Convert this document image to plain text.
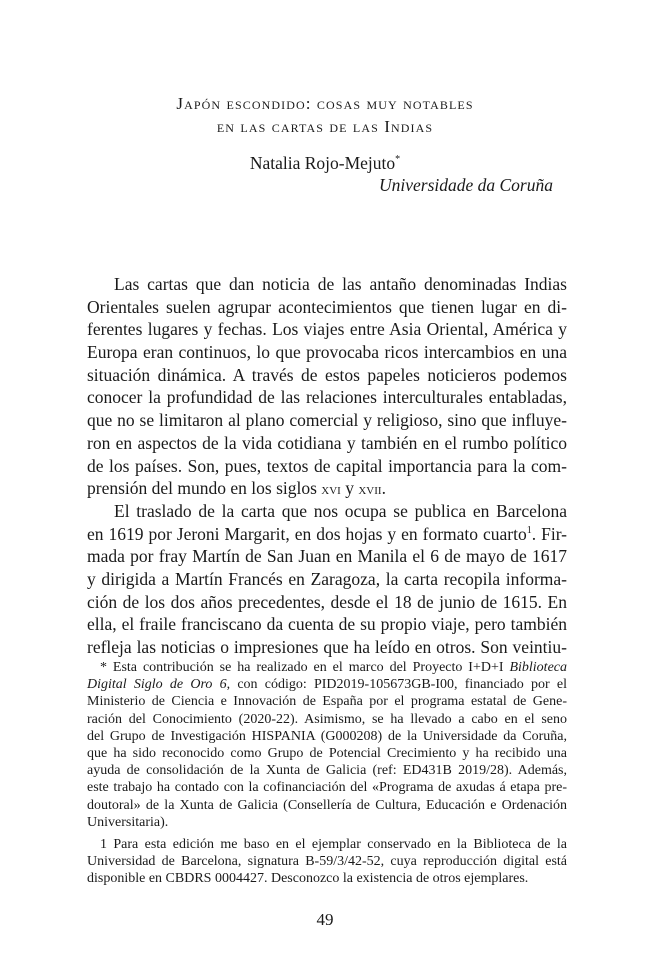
Japón escondido: cosas muy notables
en las cartas de las Indias
Natalia Rojo-Mejuto*
Universidade da Coruña
Las cartas que dan noticia de las antaño denominadas Indias
Orientales suelen agrupar acontecimientos que tienen lugar en di-
ferentes lugares y fechas. Los viajes entre Asia Oriental, América y
Europa eran continuos, lo que provocaba ricos intercambios en una
situación dinámica. A través de estos papeles noticieros podemos
conocer la profundidad de las relaciones interculturales entabladas,
que no se limitaron al plano comercial y religioso, sino que influye-
ron en aspectos de la vida cotidiana y también en el rumbo político
de los países. Son, pues, textos de capital importancia para la com-
prensión del mundo en los siglos xvi y xvii.
El traslado de la carta que nos ocupa se publica en Barcelona
en 1619 por Jeroni Margarit, en dos hojas y en formato cuarto$^1$. Fir-
mada por fray Martín de San Juan en Manila el 6 de mayo de 1617
y dirigida a Martín Francés en Zaragoza, la carta recopila informa-
ción de los dos años precedentes, desde el 18 de junio de 1615. En
ella, el fraile franciscano da cuenta de su propio viaje, pero también
refleja las noticias o impresiones que ha leído en otros. Son veintiu-
* Esta contribución se ha realizado en el marco del Proyecto I+D+I Biblioteca
Digital Siglo de Oro 6, con código: PID2019-105673GB-I00, financiado por el
Ministerio de Ciencia e Innovación de España por el programa estatal de Gene-
ración del Conocimiento (2020-22). Asimismo, se ha llevado a cabo en el seno
del Grupo de Investigación HISPANIA (G000208) de la Universidade da Coruña,
que ha sido reconocido como Grupo de Potencial Crecimiento y ha recibido una
ayuda de consolidación de la Xunta de Galicia (ref: ED431B 2019/28). Además,
este trabajo ha contado con la cofinanciación del «Programa de axudas á etapa pre-
doutoral» de la Xunta de Galicia (Consellería de Cultura, Educación e Ordenación
Universitaria).
1 Para esta edición me baso en el ejemplar conservado en la Biblioteca de la
Universidad de Barcelona, signatura B-59/3/42-52, cuya reproducción digital está
disponible en CBDRS 0004427. Desconozco la existencia de otros ejemplares.
49
